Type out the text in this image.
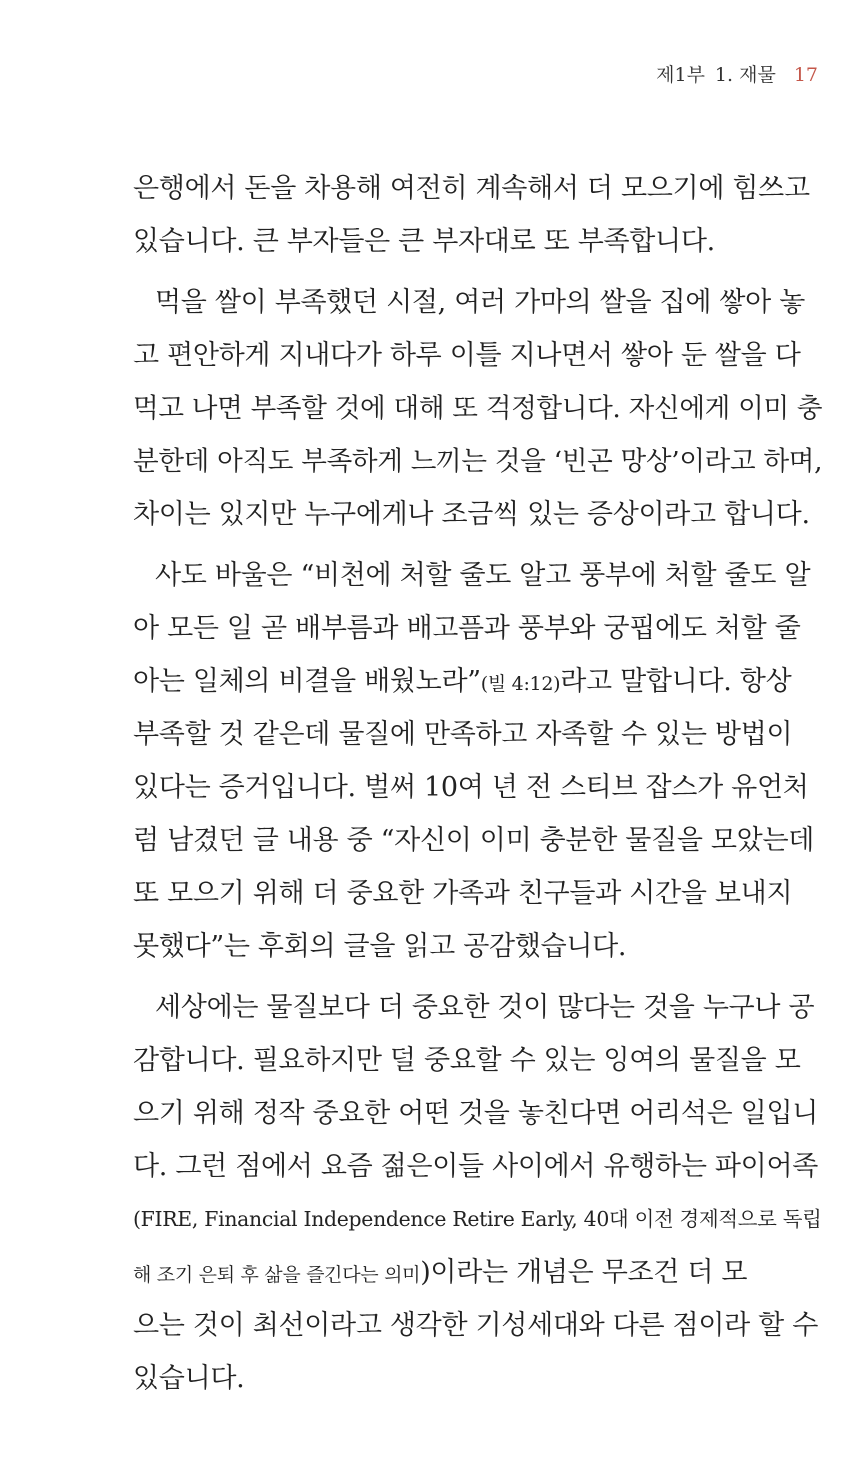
제1부 1. 재물 17
은행에서 돈을 차용해 여전히 계속해서 더 모으기에 힘쓰고
있습니다. 큰 부자들은 큰 부자대로 또 부족합니다.
먹을 쌀이 부족했던 시절, 여러 가마의 쌀을 집에 쌓아 놓
고 편안하게 지내다가 하루 이틀 지나면서 쌓아 둔 쌀을 다
먹고 나면 부족할 것에 대해 또 걱정합니다. 자신에게 이미 충
분한데 아직도 부족하게 느끼는 것을 ‘빈곤 망상’이라고 하며,
차이는 있지만 누구에게나 조금씩 있는 증상이라고 합니다.
사도 바울은 “비천에 처할 줄도 알고 풍부에 처할 줄도 알
아 모든 일 곧 배부름과 배고픔과 풍부와 궁핍에도 처할 줄
아는 일체의 비결을 배웠노라”(빌 4:12)라고 말합니다. 항상
부족할 것 같은데 물질에 만족하고 자족할 수 있는 방법이
있다는 증거입니다. 벌써 10여 년 전 스티브 잡스가 유언처
럼 남겼던 글 내용 중 “자신이 이미 충분한 물질을 모았는데
또 모으기 위해 더 중요한 가족과 친구들과 시간을 보내지
못했다”는 후회의 글을 읽고 공감했습니다.
세상에는 물질보다 더 중요한 것이 많다는 것을 누구나 공
감합니다. 필요하지만 덜 중요할 수 있는 잉여의 물질을 모
으기 위해 정작 중요한 어떤 것을 놓친다면 어리석은 일입니
다. 그런 점에서 요즘 젊은이들 사이에서 유행하는 파이어족
(FIRE, Financial Independence Retire Early, 40대 이전 경제적으로 독립
해 조기 은퇴 후 삶을 즐긴다는 의미)이라는 개념은 무조건 더 모
으는 것이 최선이라고 생각한 기성세대와 다른 점이라 할 수
있습니다.
